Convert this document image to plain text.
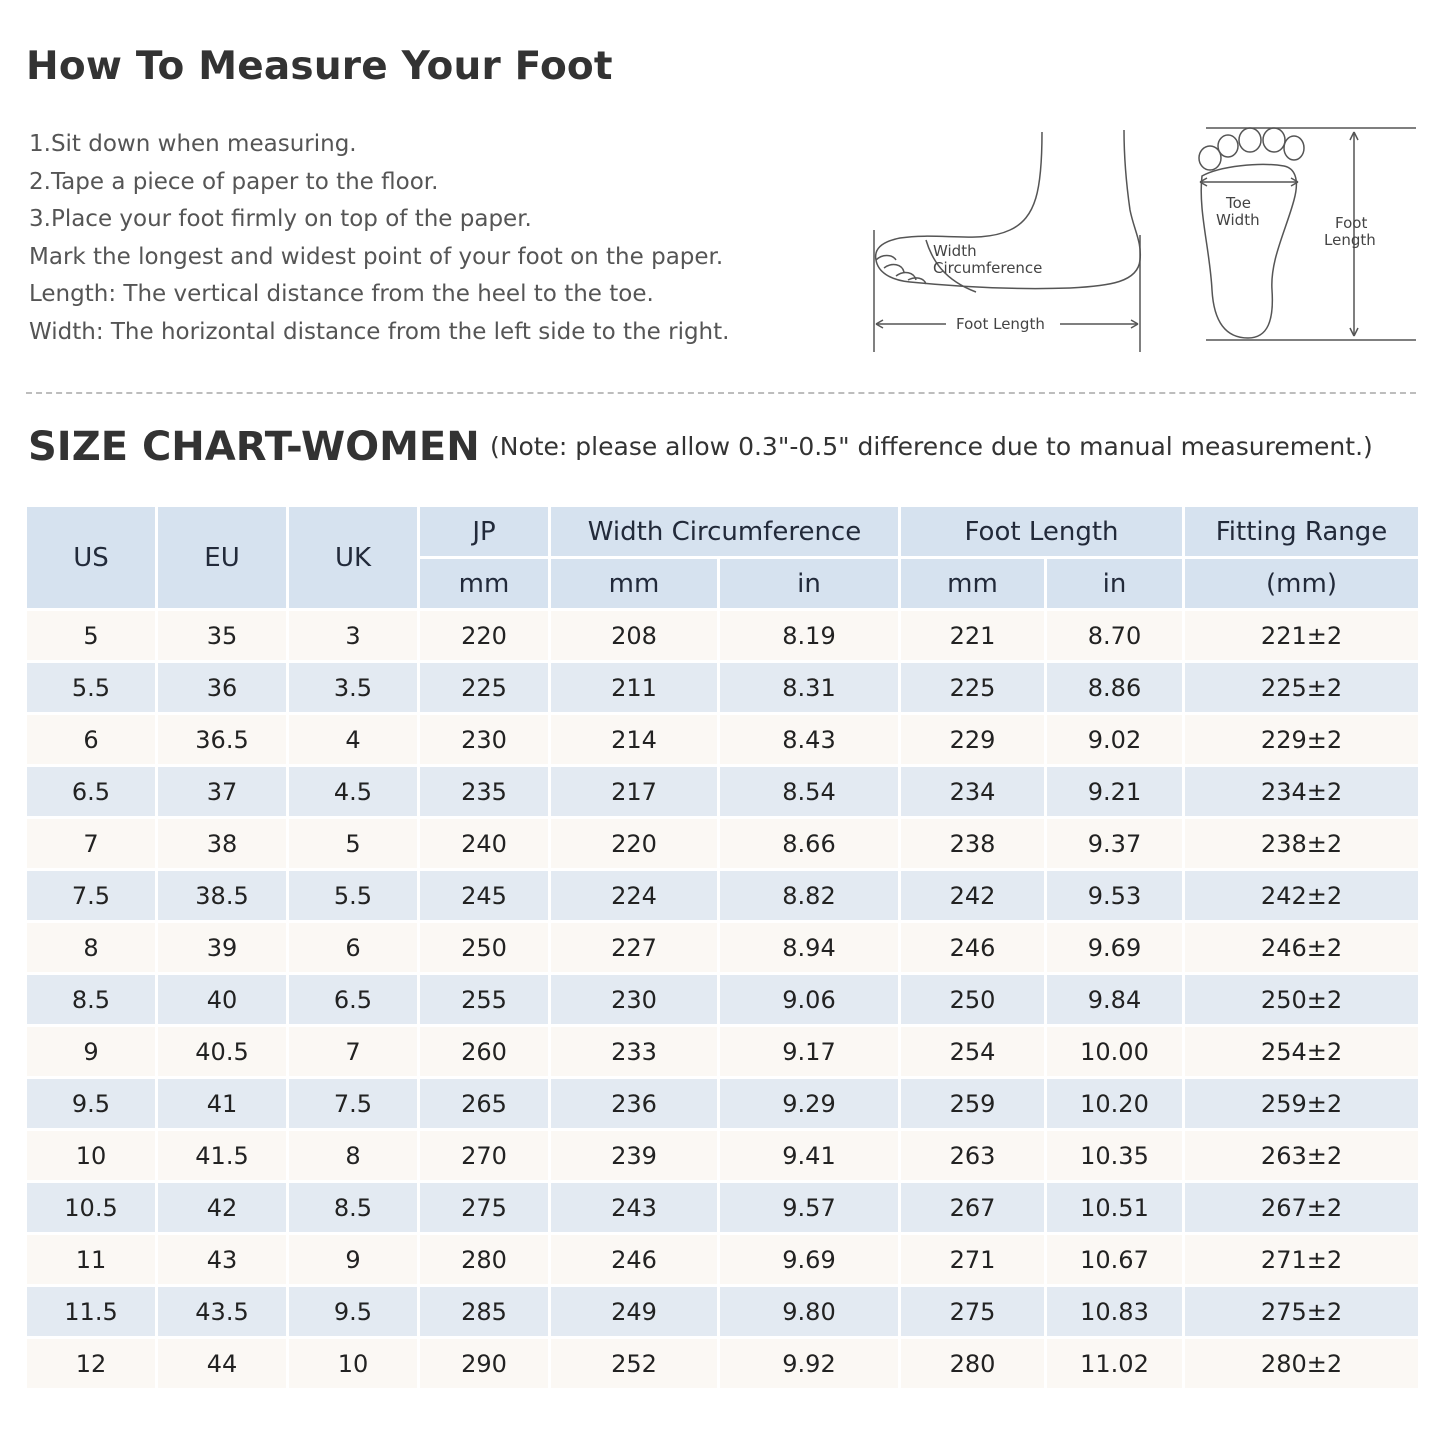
How To Measure Your Foot
1.Sit down when measuring.
2.Tape a piece of paper to the floor.
3.Place your foot firmly on top of the paper.
Mark the longest and widest point of your foot on the paper.
Length: The vertical distance from the heel to the toe.
Width: The horizontal distance from the left side to the right.
Width
Circumference
Foot Length
Toe
Width	Foot
Length
SIZE CHART-WOMEN (Note: please allow 0.3"-0.5" difference due to manual measurement.)
US	EU	UK	JP	Width Circumference		Foot Length		Fitting Range
			mm	mm	in	mm	in	(mm)
5	35	3	220	208	8.19	221	8.70	221±2
5.5	36	3.5	225	211	8.31	225	8.86	225±2
6	36.5	4	230	214	8.43	229	9.02	229±2
6.5	37	4.5	235	217	8.54	234	9.21	234±2
7	38	5	240	220	8.66	238	9.37	238±2
7.5	38.5	5.5	245	224	8.82	242	9.53	242±2
8	39	6	250	227	8.94	246	9.69	246±2
8.5	40	6.5	255	230	9.06	250	9.84	250±2
9	40.5	7	260	233	9.17	254	10.00	254±2
9.5	41	7.5	265	236	9.29	259	10.20	259±2
10	41.5	8	270	239	9.41	263	10.35	263±2
10.5	42	8.5	275	243	9.57	267	10.51	267±2
11	43	9	280	246	9.69	271	10.67	271±2
11.5	43.5	9.5	285	249	9.80	275	10.83	275±2
12	44	10	290	252	9.92	280	11.02	280±2
